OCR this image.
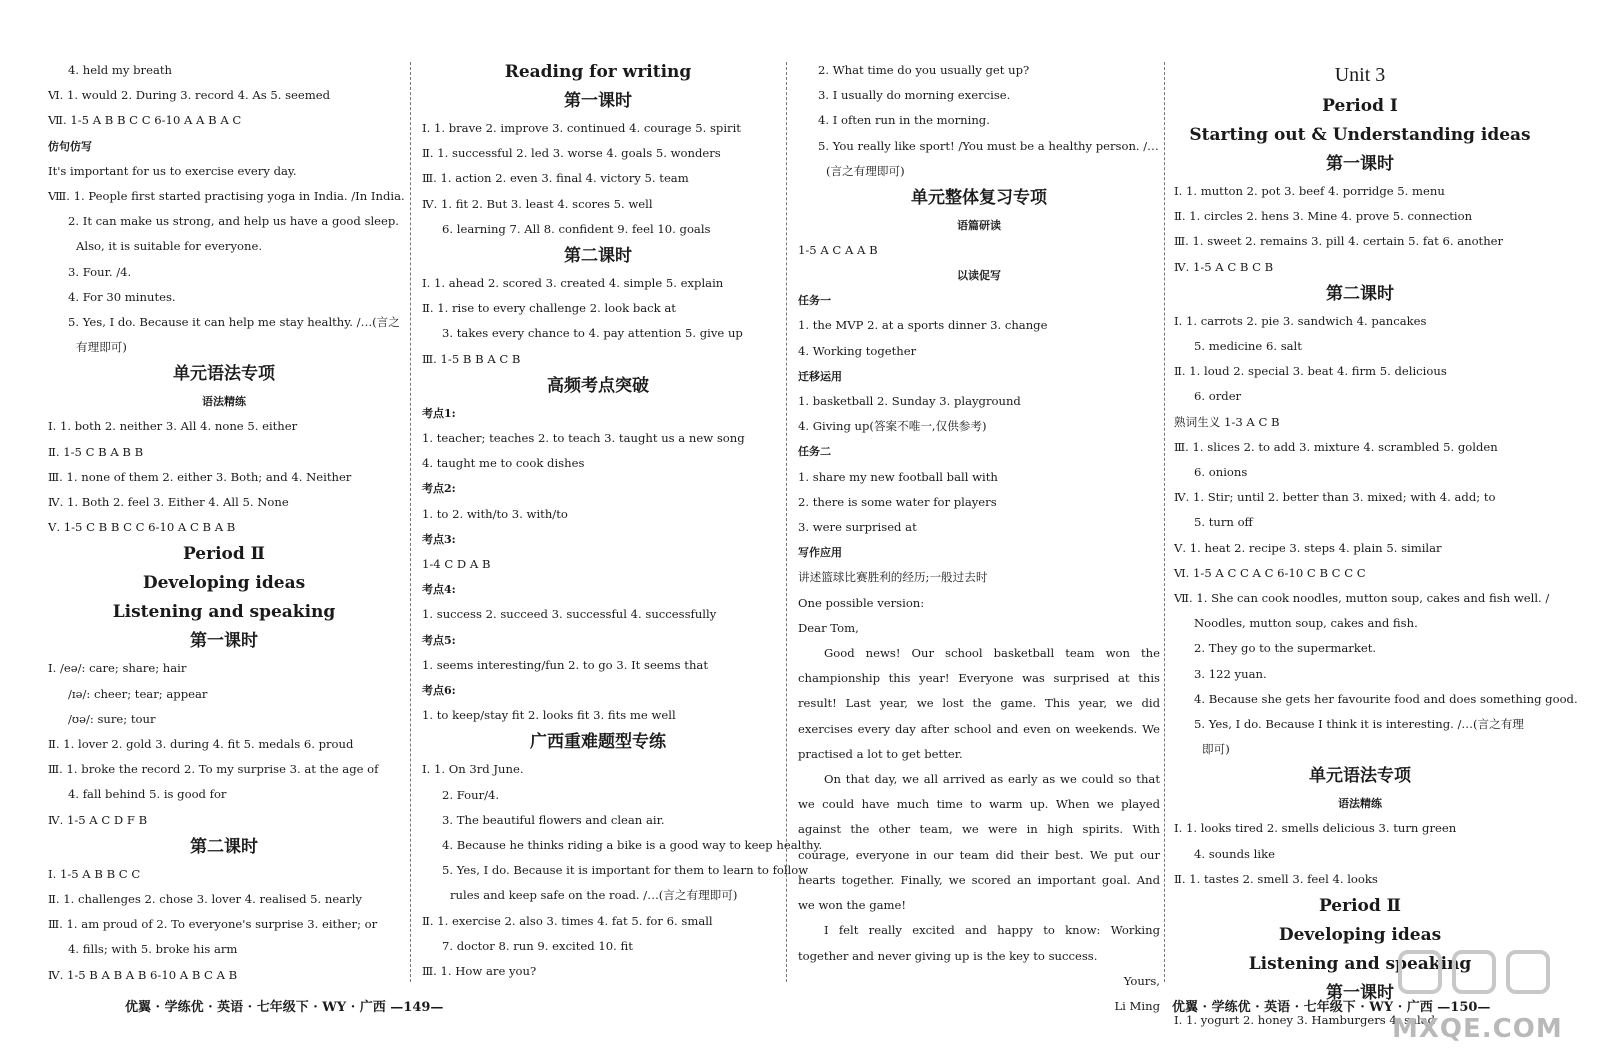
4. held my breath
Ⅵ. 1. would 2. During 3. record 4. As 5. seemed
Ⅶ. 1-5 A B B C C 6-10 A A B A C
仿句仿写
It's important for us to exercise every day.
Ⅷ. 1. People first started practising yoga in India. /In India.
2. It can make us strong, and help us have a good sleep.
Also, it is suitable for everyone.
3. Four. /4.
4. For 30 minutes.
5. Yes, I do. Because it can help me stay healthy. /…(言之
有理即可)
单元语法专项
语法精练
Ⅰ. 1. both 2. neither 3. All 4. none 5. either
Ⅱ. 1-5 C B A B B
Ⅲ. 1. none of them 2. either 3. Both; and 4. Neither
Ⅳ. 1. Both 2. feel 3. Either 4. All 5. None
Ⅴ. 1-5 C B B C C 6-10 A C B A B
Period Ⅱ
Developing ideas
Listening and speaking
第一课时
Ⅰ. /eə/: care; share; hair
/ɪə/: cheer; tear; appear
/ʊə/: sure; tour
Ⅱ. 1. lover 2. gold 3. during 4. fit 5. medals 6. proud
Ⅲ. 1. broke the record 2. To my surprise 3. at the age of
4. fall behind 5. is good for
Ⅳ. 1-5 A C D F B
第二课时
Ⅰ. 1-5 A B B C C
Ⅱ. 1. challenges 2. chose 3. lover 4. realised 5. nearly
Ⅲ. 1. am proud of 2. To everyone's surprise 3. either; or
4. fills; with 5. broke his arm
Ⅳ. 1-5 B A B A B 6-10 A B C A B
Reading for writing
第一课时
Ⅰ. 1. brave 2. improve 3. continued 4. courage 5. spirit
Ⅱ. 1. successful 2. led 3. worse 4. goals 5. wonders
Ⅲ. 1. action 2. even 3. final 4. victory 5. team
Ⅳ. 1. fit 2. But 3. least 4. scores 5. well
6. learning 7. All 8. confident 9. feel 10. goals
第二课时
Ⅰ. 1. ahead 2. scored 3. created 4. simple 5. explain
Ⅱ. 1. rise to every challenge 2. look back at
3. takes every chance to 4. pay attention 5. give up
Ⅲ. 1-5 B B A C B
高频考点突破
考点1:
1. teacher; teaches 2. to teach 3. taught us a new song
4. taught me to cook dishes
考点2:
1. to 2. with/to 3. with/to
考点3:
1-4 C D A B
考点4:
1. success 2. succeed 3. successful 4. successfully
考点5:
1. seems interesting/fun 2. to go 3. It seems that
考点6:
1. to keep/stay fit 2. looks fit 3. fits me well
广西重难题型专练
Ⅰ. 1. On 3rd June.
2. Four/4.
3. The beautiful flowers and clean air.
4. Because he thinks riding a bike is a good way to keep healthy.
5. Yes, I do. Because it is important for them to learn to follow
rules and keep safe on the road. /…(言之有理即可)
Ⅱ. 1. exercise 2. also 3. times 4. fat 5. for 6. small
7. doctor 8. run 9. excited 10. fit
Ⅲ. 1. How are you?
2. What time do you usually get up?
3. I usually do morning exercise.
4. I often run in the morning.
5. You really like sport! /You must be a healthy person. /…
(言之有理即可)
单元整体复习专项
语篇研读
1-5 A C A A B
以读促写
任务一
1. the MVP 2. at a sports dinner 3. change
4. Working together
迁移运用
1. basketball 2. Sunday 3. playground
4. Giving up(答案不唯一,仅供参考)
任务二
1. share my new football ball with
2. there is some water for players
3. were surprised at
写作应用
讲述篮球比赛胜利的经历;一般过去时
One possible version:
Dear Tom,
Good news! Our school basketball team won the championship this year! Everyone was surprised at this result! Last year, we lost the game. This year, we did exercises every day after school and even on weekends. We practised a lot to get better.
On that day, we all arrived as early as we could so that we could have much time to warm up. When we played against the other team, we were in high spirits. With courage, everyone in our team did their best. We put our hearts together. Finally, we scored an important goal. And we won the game!
I felt really excited and happy to know: Working together and never giving up is the key to success.
Yours,
Li Ming
Unit 3
Period Ⅰ
Starting out & Understanding ideas
第一课时
Ⅰ. 1. mutton 2. pot 3. beef 4. porridge 5. menu
Ⅱ. 1. circles 2. hens 3. Mine 4. prove 5. connection
Ⅲ. 1. sweet 2. remains 3. pill 4. certain 5. fat 6. another
Ⅳ. 1-5 A C B C B
第二课时
Ⅰ. 1. carrots 2. pie 3. sandwich 4. pancakes
5. medicine 6. salt
Ⅱ. 1. loud 2. special 3. beat 4. firm 5. delicious
6. order
熟词生义 1-3 A C B
Ⅲ. 1. slices 2. to add 3. mixture 4. scrambled 5. golden
6. onions
Ⅳ. 1. Stir; until 2. better than 3. mixed; with 4. add; to
5. turn off
Ⅴ. 1. heat 2. recipe 3. steps 4. plain 5. similar
Ⅵ. 1-5 A C C A C 6-10 C B C C C
Ⅶ. 1. She can cook noodles, mutton soup, cakes and fish well. /
Noodles, mutton soup, cakes and fish.
2. They go to the supermarket.
3. 122 yuan.
4. Because she gets her favourite food and does something good.
5. Yes, I do. Because I think it is interesting. /…(言之有理
即可)
单元语法专项
语法精练
Ⅰ. 1. looks tired 2. smells delicious 3. turn green
4. sounds like
Ⅱ. 1. tastes 2. smell 3. feel 4. looks
Period Ⅱ
Developing ideas
Listening and speaking
第一课时
Ⅰ. 1. yogurt 2. honey 3. Hamburgers 4. salad
优翼 · 学练优 · 英语 · 七年级下 · WY · 广西 —149—	优翼 · 学练优 · 英语 · 七年级下 · WY · 广西 —150—
MXQE.COM
